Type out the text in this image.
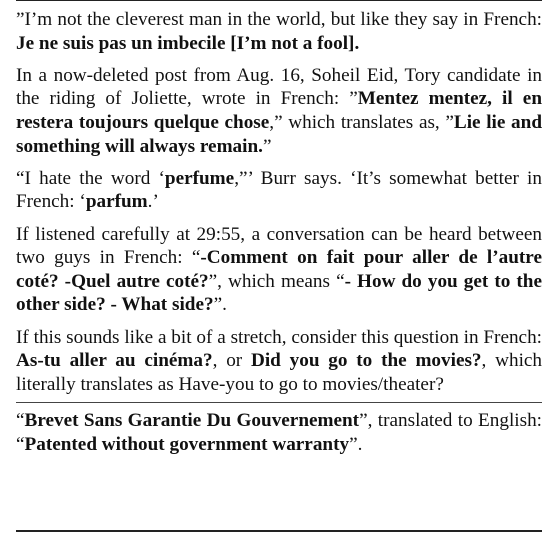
”I’m not the cleverest man in the world, but like they say in French: Je ne suis pas un imbecile [I’m not a fool].

In a now-deleted post from Aug. 16, Soheil Eid, Tory candidate in the riding of Joliette, wrote in French: ”Mentez mentez, il en restera toujours quelque chose,” which translates as, ”Lie lie and something will always remain.”

“I hate the word ‘perfume,”’ Burr says. ‘It’s somewhat better in French: ‘parfum.’

If listened carefully at 29:55, a conversation can be heard between two guys in French: “-Comment on fait pour aller de l’autre coté? -Quel autre coté?”, which means “- How do you get to the other side? - What side?”.

If this sounds like a bit of a stretch, consider this question in French: As-tu aller au cinéma?, or Did you go to the movies?, which literally translates as Have-you to go to movies/theater?

“Brevet Sans Garantie Du Gouvernement”, translated to English: “Patented without government warranty”.
